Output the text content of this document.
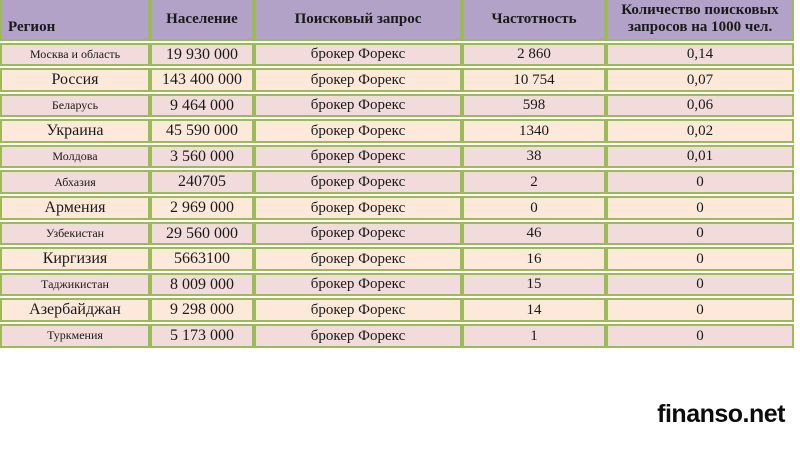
Регион	Население	Поисковый запрос	Частотность	Количество поисковых запросов на 1000 чел.
Москва и область	19 930 000	брокер Форекс	2 860	0,14
Россия	143 400 000	брокер Форекс	10 754	0,07
Беларусь	9 464 000	брокер Форекс	598	0,06
Украина	45 590 000	брокер Форекс	1340	0,02
Молдова	3 560 000	брокер Форекс	38	0,01
Абхазия	240705	брокер Форекс	2	0
Армения	2 969 000	брокер Форекс	0	0
Узбекистан	29 560 000	брокер Форекс	46	0
Киргизия	5663100	брокер Форекс	16	0
Таджикистан	8 009 000	брокер Форекс	15	0
Азербайджан	9 298 000	брокер Форекс	14	0
Туркмения	5 173 000	брокер Форекс	1	0
finanso.net
